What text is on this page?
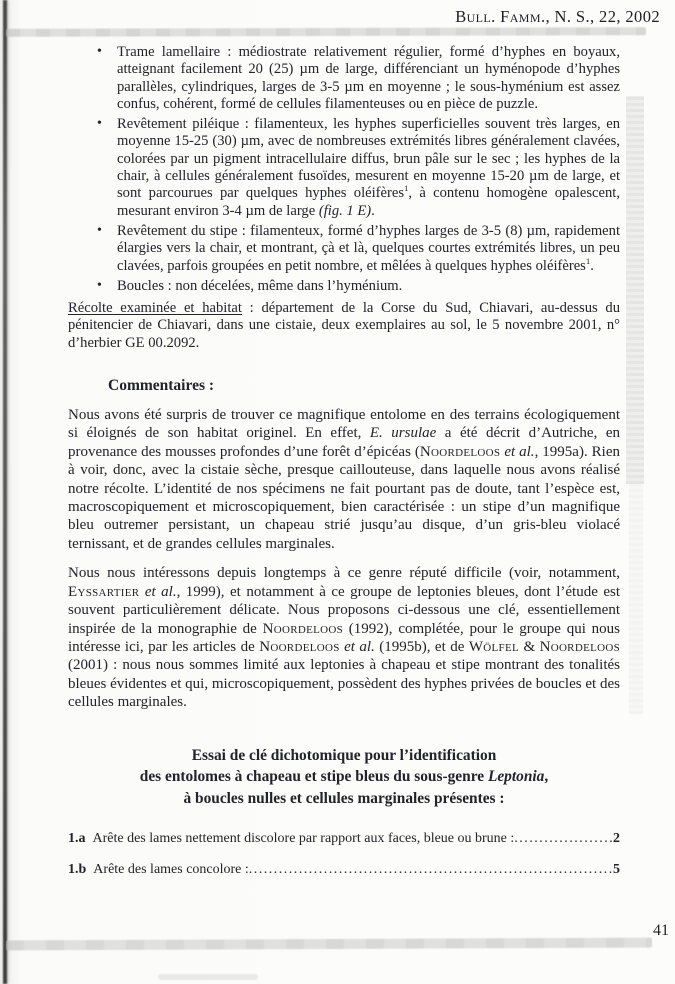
Bull. Famm., N. S., 22, 2002
• Trame lamellaire : médiostrate relativement régulier, formé d’hyphes en boyaux, atteignant facilement 20 (25) µm de large, différenciant un hyménopode d’hyphes parallèles, cylindriques, larges de 3-5 µm en moyenne ; le sous-hyménium est assez confus, cohérent, formé de cellules filamenteuses ou en pièce de puzzle.
• Revêtement piléique : filamenteux, les hyphes superficielles souvent très larges, en moyenne 15-25 (30) µm, avec de nombreuses extrémités libres généralement clavées, colorées par un pigment intracellulaire diffus, brun pâle sur le sec ; les hyphes de la chair, à cellules généralement fusoïdes, mesurent en moyenne 15-20 µm de large, et sont parcourues par quelques hyphes oléifères$^1$, à contenu homogène opalescent, mesurant environ 3-4 µm de large (fig. 1 E).
• Revêtement du stipe : filamenteux, formé d’hyphes larges de 3-5 (8) µm, rapidement élargies vers la chair, et montrant, çà et là, quelques courtes extrémités libres, un peu clavées, parfois groupées en petit nombre, et mêlées à quelques hyphes oléifères$^1$.
• Boucles : non décelées, même dans l’hyménium.
Récolte examinée et habitat : département de la Corse du Sud, Chiavari, au-dessus du pénitencier de Chiavari, dans une cistaie, deux exemplaires au sol, le 5 novembre 2001, n° d’herbier GE 00.2092.
Commentaires :
Nous avons été surpris de trouver ce magnifique entolome en des terrains écologiquement si éloignés de son habitat originel. En effet, E. ursulae a été décrit d’Autriche, en provenance des mousses profondes d’une forêt d’épicéas (Noordeloos et al., 1995a). Rien à voir, donc, avec la cistaie sèche, presque caillouteuse, dans laquelle nous avons réalisé notre récolte. L’identité de nos spécimens ne fait pourtant pas de doute, tant l’espèce est, macroscopiquement et microscopiquement, bien caractérisée : un stipe d’un magnifique bleu outremer persistant, un chapeau strié jusqu’au disque, d’un gris-bleu violacé ternissant, et de grandes cellules marginales.
Nous nous intéressons depuis longtemps à ce genre réputé difficile (voir, notamment, Eyssartier et al., 1999), et notamment à ce groupe de leptonies bleues, dont l’étude est souvent particulièrement délicate. Nous proposons ci-dessous une clé, essentiellement inspirée de la monographie de Noordeloos (1992), complétée, pour le groupe qui nous intéresse ici, par les articles de Noordeloos et al. (1995b), et de Wölfel & Noordeloos (2001) : nous nous sommes limité aux leptonies à chapeau et stipe montrant des tonalités bleues évidentes et qui, microscopiquement, possèdent des hyphes privées de boucles et des cellules marginales.
Essai de clé dichotomique pour l’identification
des entolomes à chapeau et stipe bleus du sous-genre Leptonia,
à boucles nulles et cellules marginales présentes :
1.a Arête des lames nettement discolore par rapport aux faces, bleue ou brune : .....	2
1.b Arête des lames concolore : .....	5
41
